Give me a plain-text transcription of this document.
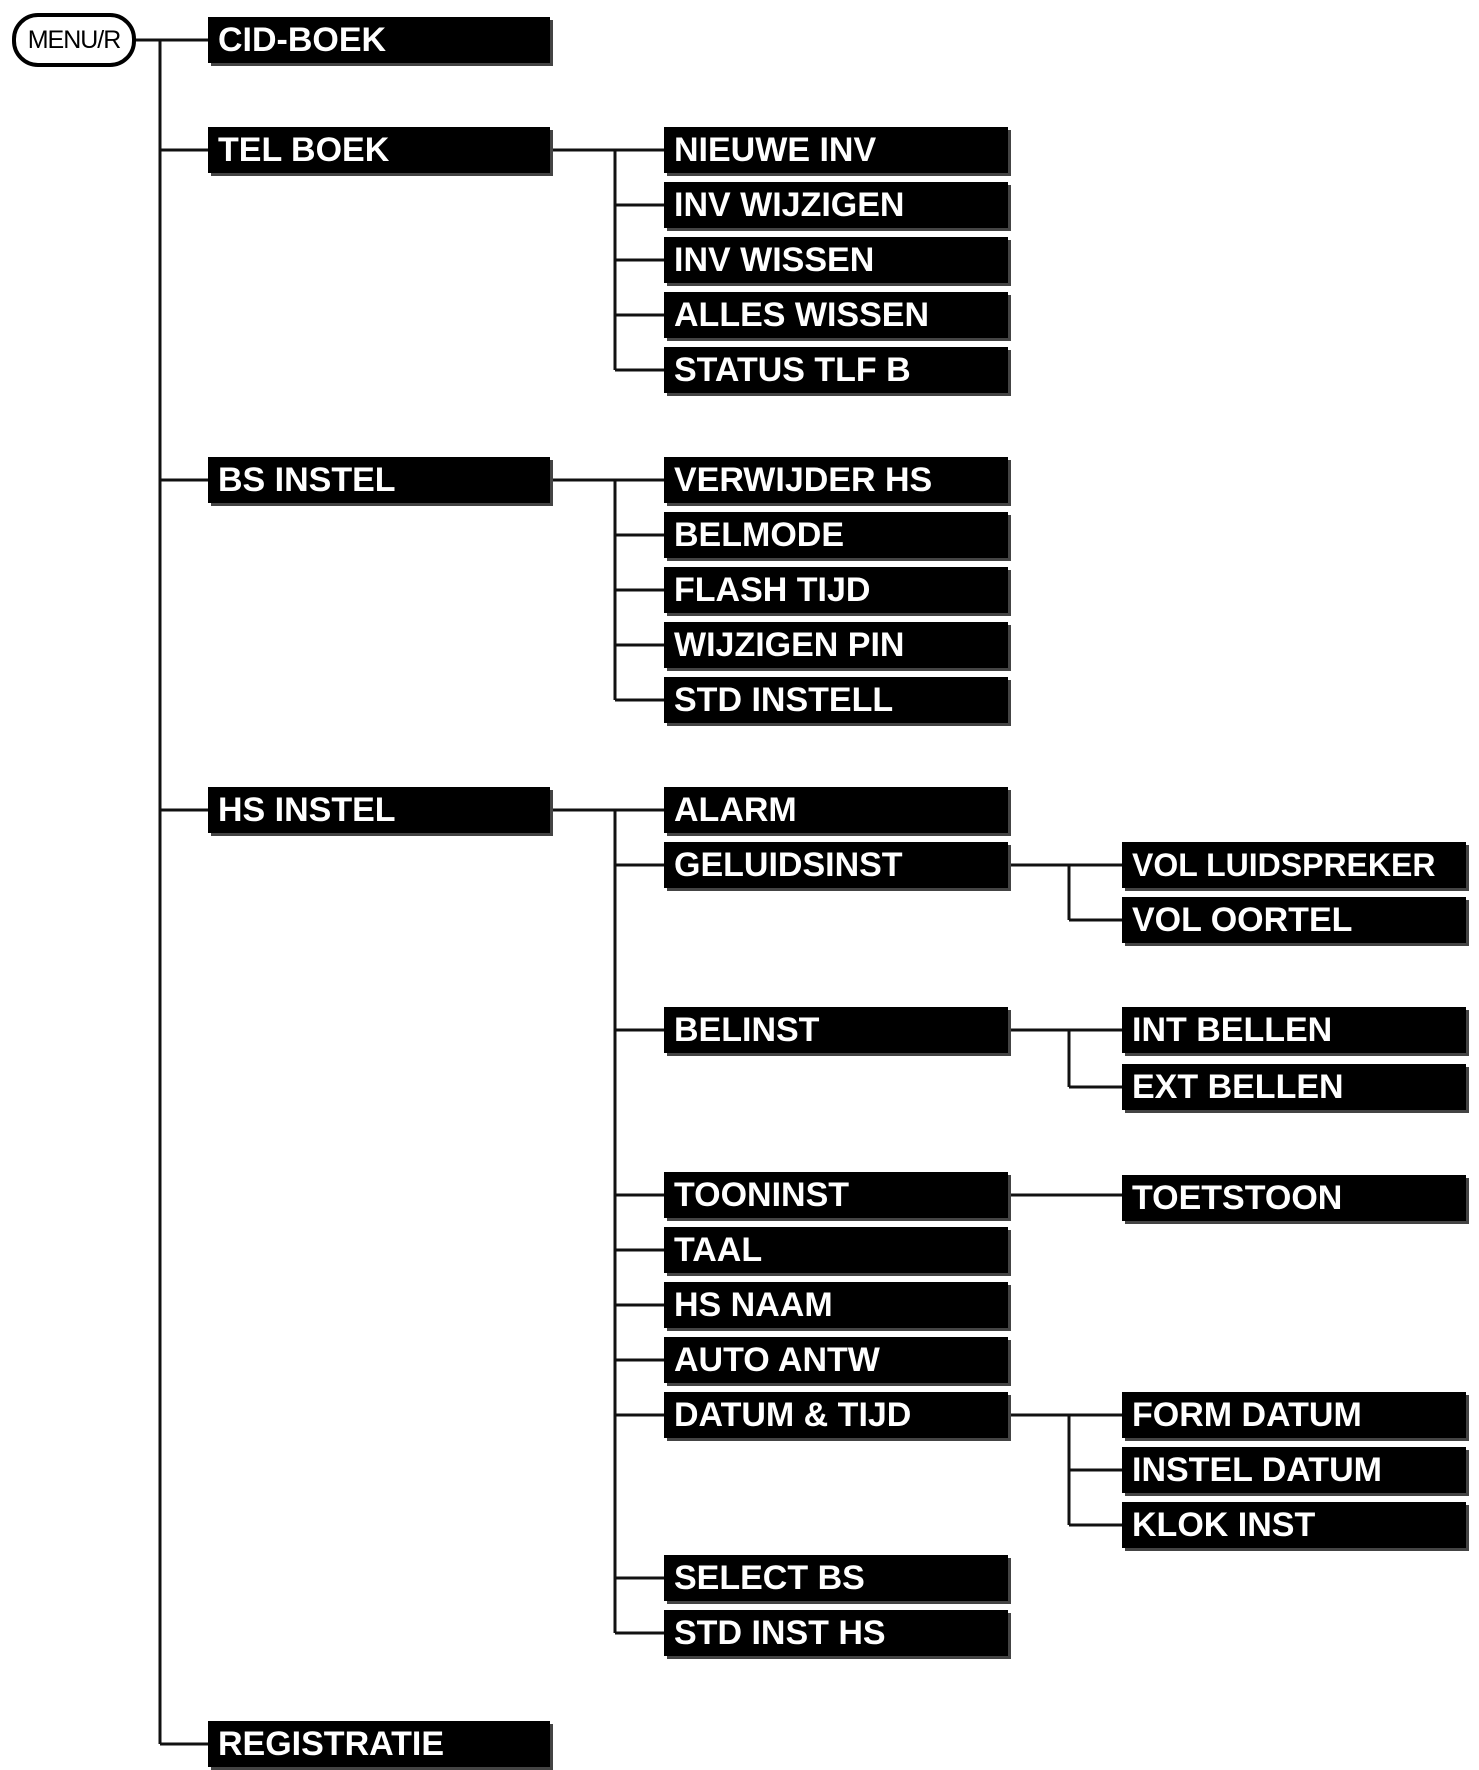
MENU/R	CID-BOEK
TEL BOEK
BS INSTEL
HS INSTEL
REGISTRATIE
NIEUWE INV
INV WIJZIGEN
INV WISSEN
ALLES WISSEN
STATUS TLF B
VERWIJDER HS
BELMODE
FLASH TIJD
WIJZIGEN PIN
STD INSTELL
ALARM
GELUIDSINST
BELINST
TOONINST
TAAL
HS NAAM
AUTO ANTW
DATUM & TIJD
SELECT BS
STD INST HS
VOL LUIDSPREKER
VOL OORTEL
INT BELLEN
EXT BELLEN
TOETSTOON
FORM DATUM
INSTEL DATUM
KLOK INST
